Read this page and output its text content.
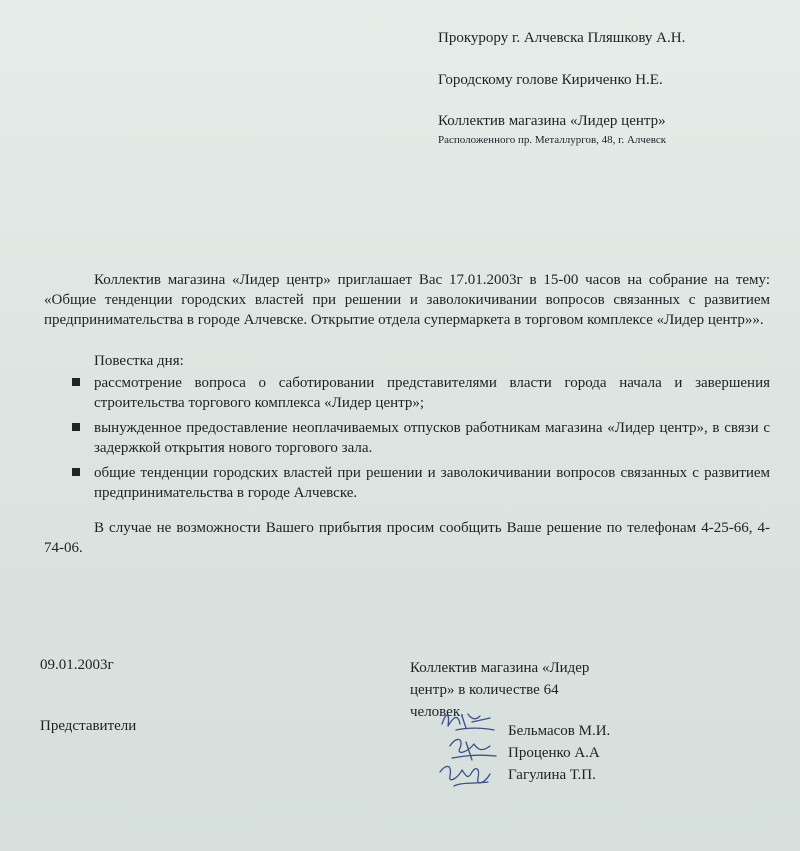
Прокурору г. Алчевска Пляшкову А.Н.
Городскому голове Кириченко Н.Е.
Коллектив магазина «Лидер центр»
Расположенного пр. Металлургов, 48, г. Алчевск
Коллектив магазина «Лидер центр» приглашает Вас 17.01.2003г в 15-00 часов на собрание на тему: «Общие тенденции городских властей при решении и заволокичивании вопросов связанных с развитием предпринимательства в городе Алчевске. Открытие отдела супермаркета в торговом комплексе «Лидер центр»».
Повестка дня:
рассмотрение вопроса о саботировании представителями власти города начала и завершения строительства торгового комплекса «Лидер центр»;
вынужденное предоставление неоплачиваемых отпусков работникам магазина «Лидер центр», в связи с задержкой открытия нового торгового зала.
общие тенденции городских властей при решении и заволокичивании вопросов связанных с развитием предпринимательства в городе Алчевске.
В случае не возможности Вашего прибытия просим сообщить Ваше решение по телефонам 4-25-66, 4-74-06.
09.01.2003г	Коллектив магазина «Лидер центр» в количестве 64 человек.
Представители	Бельмасов М.И.
Проценко А.А
Гагулина Т.П.
